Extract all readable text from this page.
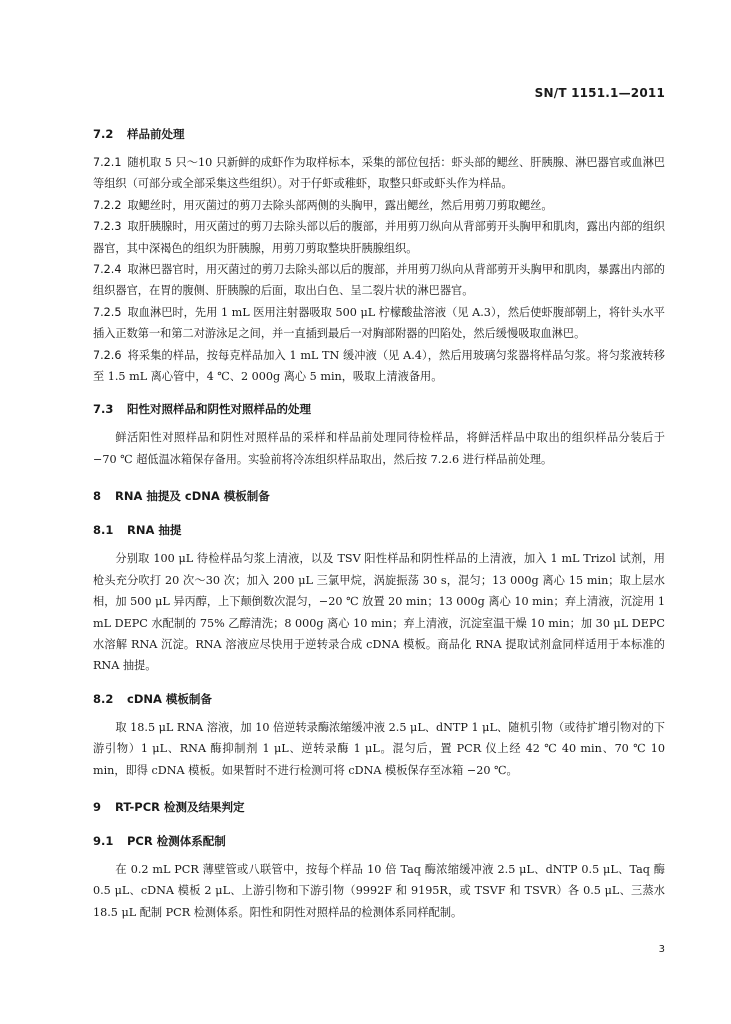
SN/T 1151.1—2011
7.2 样品前处理
7.2.1 随机取 5 只～10 只新鲜的成虾作为取样标本，采集的部位包括：虾头部的鳃丝、肝胰腺、淋巴器官或血淋巴等组织（可部分或全部采集这些组织）。对于仔虾或稚虾，取整只虾或虾头作为样品。
7.2.2 取鳃丝时，用灭菌过的剪刀去除头部两侧的头胸甲，露出鳃丝，然后用剪刀剪取鳃丝。
7.2.3 取肝胰腺时，用灭菌过的剪刀去除头部以后的腹部，并用剪刀纵向从背部剪开头胸甲和肌肉，露出内部的组织器官，其中深褐色的组织为肝胰腺，用剪刀剪取整块肝胰腺组织。
7.2.4 取淋巴器官时，用灭菌过的剪刀去除头部以后的腹部，并用剪刀纵向从背部剪开头胸甲和肌肉，暴露出内部的组织器官，在胃的腹侧、肝胰腺的后面，取出白色、呈二裂片状的淋巴器官。
7.2.5 取血淋巴时，先用 1 mL 医用注射器吸取 500 μL 柠檬酸盐溶液（见 A.3），然后使虾腹部朝上，将针头水平插入正数第一和第二对游泳足之间，并一直插到最后一对胸部附器的凹陷处，然后缓慢吸取血淋巴。
7.2.6 将采集的样品，按每克样品加入 1 mL TN 缓冲液（见 A.4），然后用玻璃匀浆器将样品匀浆。将匀浆液转移至 1.5 mL 离心管中，4 ℃、2 000g 离心 5 min，吸取上清液备用。
7.3 阳性对照样品和阴性对照样品的处理
鲜活阳性对照样品和阴性对照样品的采样和样品前处理同待检样品，将鲜活样品中取出的组织样品分装后于 −70 ℃ 超低温冰箱保存备用。实验前将冷冻组织样品取出，然后按 7.2.6 进行样品前处理。
8 RNA 抽提及 cDNA 模板制备
8.1 RNA 抽提
分别取 100 μL 待检样品匀浆上清液，以及 TSV 阳性样品和阴性样品的上清液，加入 1 mL Trizol 试剂，用枪头充分吹打 20 次～30 次；加入 200 μL 三氯甲烷，涡旋振荡 30 s，混匀；13 000g 离心 15 min；取上层水相，加 500 μL 异丙醇，上下颠倒数次混匀，−20 ℃ 放置 20 min；13 000g 离心 10 min；弃上清液，沉淀用 1 mL DEPC 水配制的 75% 乙醇清洗；8 000g 离心 10 min；弃上清液，沉淀室温干燥 10 min；加 30 μL DEPC 水溶解 RNA 沉淀。RNA 溶液应尽快用于逆转录合成 cDNA 模板。商品化 RNA 提取试剂盒同样适用于本标准的 RNA 抽提。
8.2 cDNA 模板制备
取 18.5 μL RNA 溶液，加 10 倍逆转录酶浓缩缓冲液 2.5 μL、dNTP 1 μL、随机引物（或待扩增引物对的下游引物）1 μL、RNA 酶抑制剂 1 μL、逆转录酶 1 μL。混匀后，置 PCR 仪上经 42 ℃ 40 min、70 ℃ 10 min，即得 cDNA 模板。如果暂时不进行检测可将 cDNA 模板保存至冰箱 −20 ℃。
9 RT-PCR 检测及结果判定
9.1 PCR 检测体系配制
在 0.2 mL PCR 薄壁管或八联管中，按每个样品 10 倍 Taq 酶浓缩缓冲液 2.5 μL、dNTP 0.5 μL、Taq 酶 0.5 μL、cDNA 模板 2 μL、上游引物和下游引物（9992F 和 9195R，或 TSVF 和 TSVR）各 0.5 μL、三蒸水 18.5 μL 配制 PCR 检测体系。阳性和阴性对照样品的检测体系同样配制。
3
